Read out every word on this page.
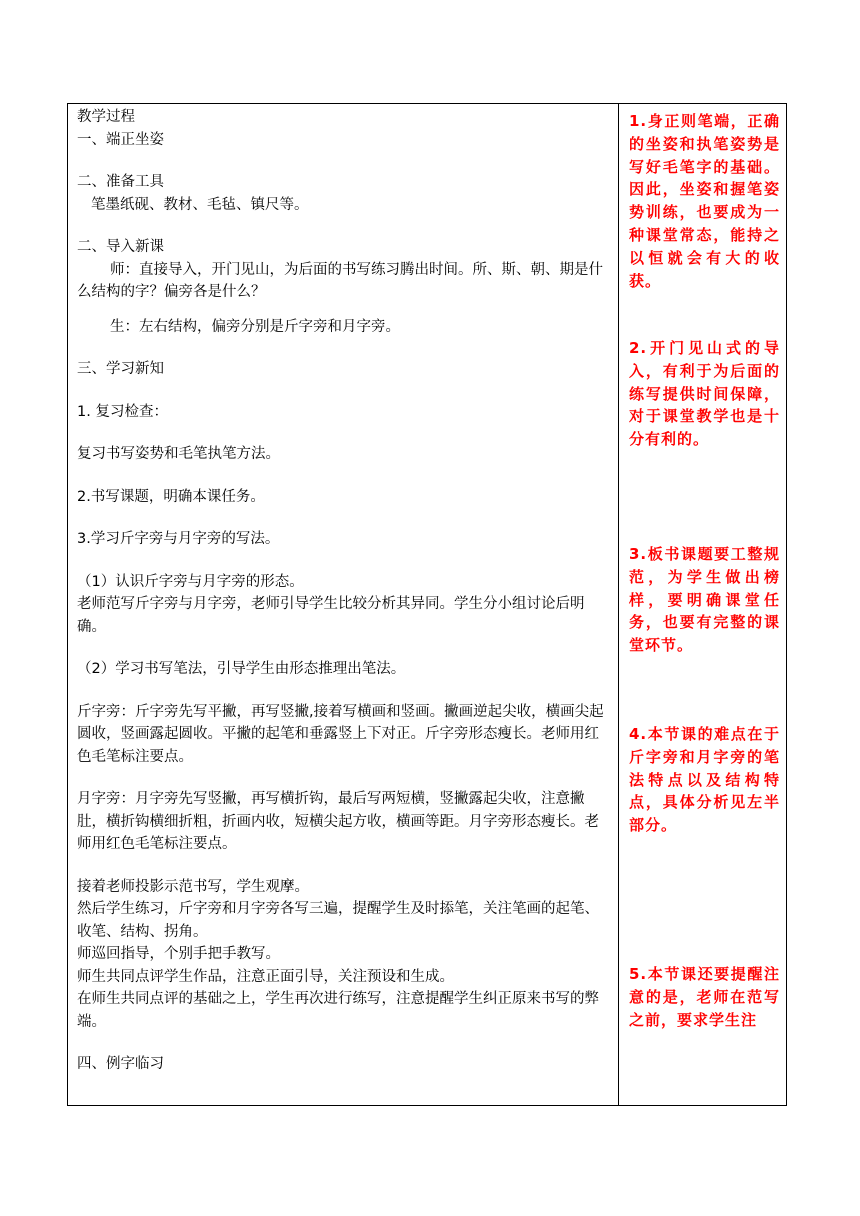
教学过程

一、端正坐姿

二、准备工具

笔墨纸砚、教材、毛毡、镇尺等。

二、导入新课

师：直接导入，开门见山，为后面的书写练习腾出时间。所、斯、朝、期是什么结构的字？偏旁各是什么？

生：左右结构，偏旁分别是斤字旁和月字旁。

三、学习新知

1. 复习检查：

复习书写姿势和毛笔执笔方法。

2.书写课题，明确本课任务。

3.学习斤字旁与月字旁的写法。

（1）认识斤字旁与月字旁的形态。

老师范写斤字旁与月字旁，老师引导学生比较分析其异同。学生分小组讨论后明确。

（2）学习书写笔法，引导学生由形态推理出笔法。

斤字旁：斤字旁先写平撇，再写竖撇,接着写横画和竖画。撇画逆起尖收，横画尖起圆收，竖画露起圆收。平撇的起笔和垂露竖上下对正。斤字旁形态瘦长。老师用红色毛笔标注要点。

月字旁：月字旁先写竖撇，再写横折钩，最后写两短横，竖撇露起尖收，注意撇肚，横折钩横细折粗，折画内收，短横尖起方收，横画等距。月字旁形态瘦长。老师用红色毛笔标注要点。

接着老师投影示范书写，学生观摩。

然后学生练习，斤字旁和月字旁各写三遍，提醒学生及时掭笔，关注笔画的起笔、收笔、结构、拐角。

师巡回指导，个别手把手教写。

师生共同点评学生作品，注意正面引导，关注预设和生成。

在师生共同点评的基础之上，学生再次进行练写，注意提醒学生纠正原来书写的弊端。

四、例字临习

1.身正则笔端，正确的坐姿和执笔姿势是写好毛笔字的基础。因此，坐姿和握笔姿势训练，也要成为一种课堂常态，能持之以恒就会有大的收获。

2.开门见山式的导入，有利于为后面的练写提供时间保障，对于课堂教学也是十分有利的。

3.板书课题要工整规范，为学生做出榜样，要明确课堂任务，也要有完整的课堂环节。

4.本节课的难点在于斤字旁和月字旁的笔法特点以及结构特点，具体分析见左半部分。

5.本节课还要提醒注意的是，老师在范写之前，要求学生注
